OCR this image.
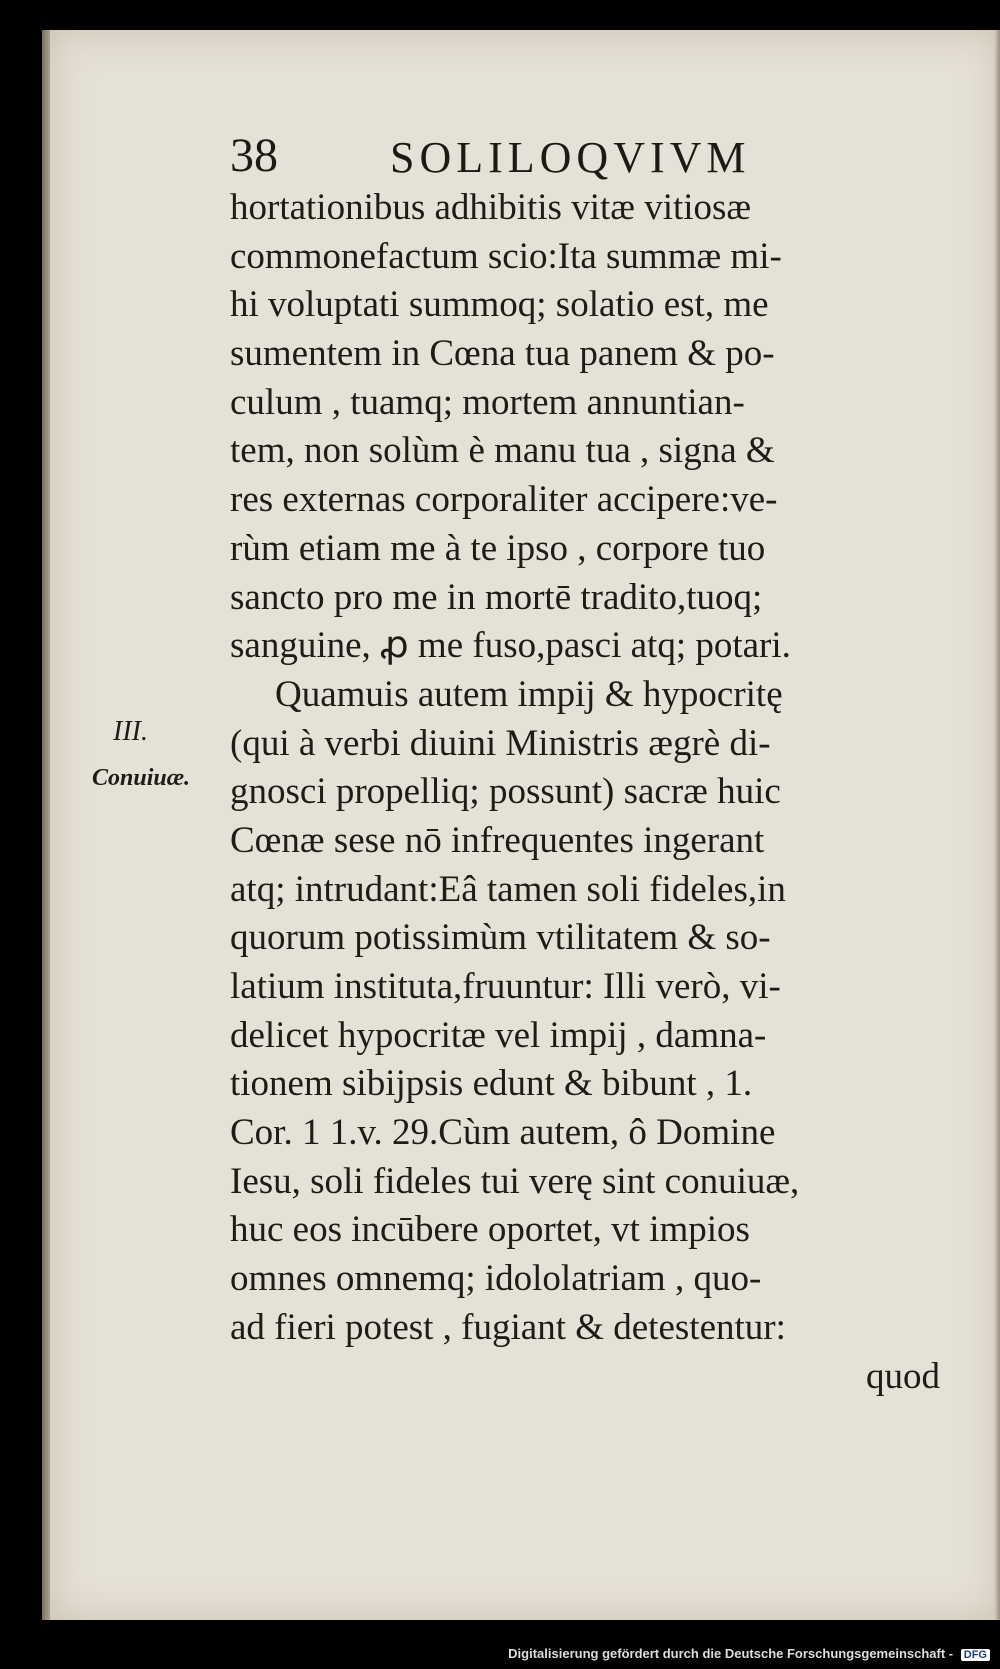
38	SOLILOQVIVM
III.
Conuiuæ.
hortationibus adhibitis vitæ vitiosæ
commonefactum scio:Ita summæ mi-
hi voluptati summoq; solatio est, me
sumentem in Cœna tua panem & po-
culum , tuamq; mortem annuntian-
tem, non solùm è manu tua , signa &
res externas corporaliter accipere:ve-
rùm etiam me à te ipso , corpore tuo
sancto pro me in mortē tradito,tuoq;
sanguine, ꝓ me fuso,pasci atq; potari.
Quamuis autem impij & hypocritę
(qui à verbi diuini Ministris ægrè di-
gnosci propelliq; possunt) sacræ huic
Cœnæ sese nō infrequentes ingerant
atq; intrudant:Eâ tamen soli fideles,in
quorum potissimùm vtilitatem & so-
latium instituta,fruuntur: Illi verò, vi-
delicet hypocritæ vel impij , damna-
tionem sibijpsis edunt & bibunt , 1.
Cor. 1 1.v. 29.Cùm autem, ô Domine
Iesu, soli fideles tui verę sint conuiuæ,
huc eos incūbere oportet, vt impios
omnes omnemq; idololatriam , quo-
ad fieri potest , fugiant & detestentur:
quod
Digitalisierung gefördert durch die Deutsche Forschungsgemeinschaft - DFG
